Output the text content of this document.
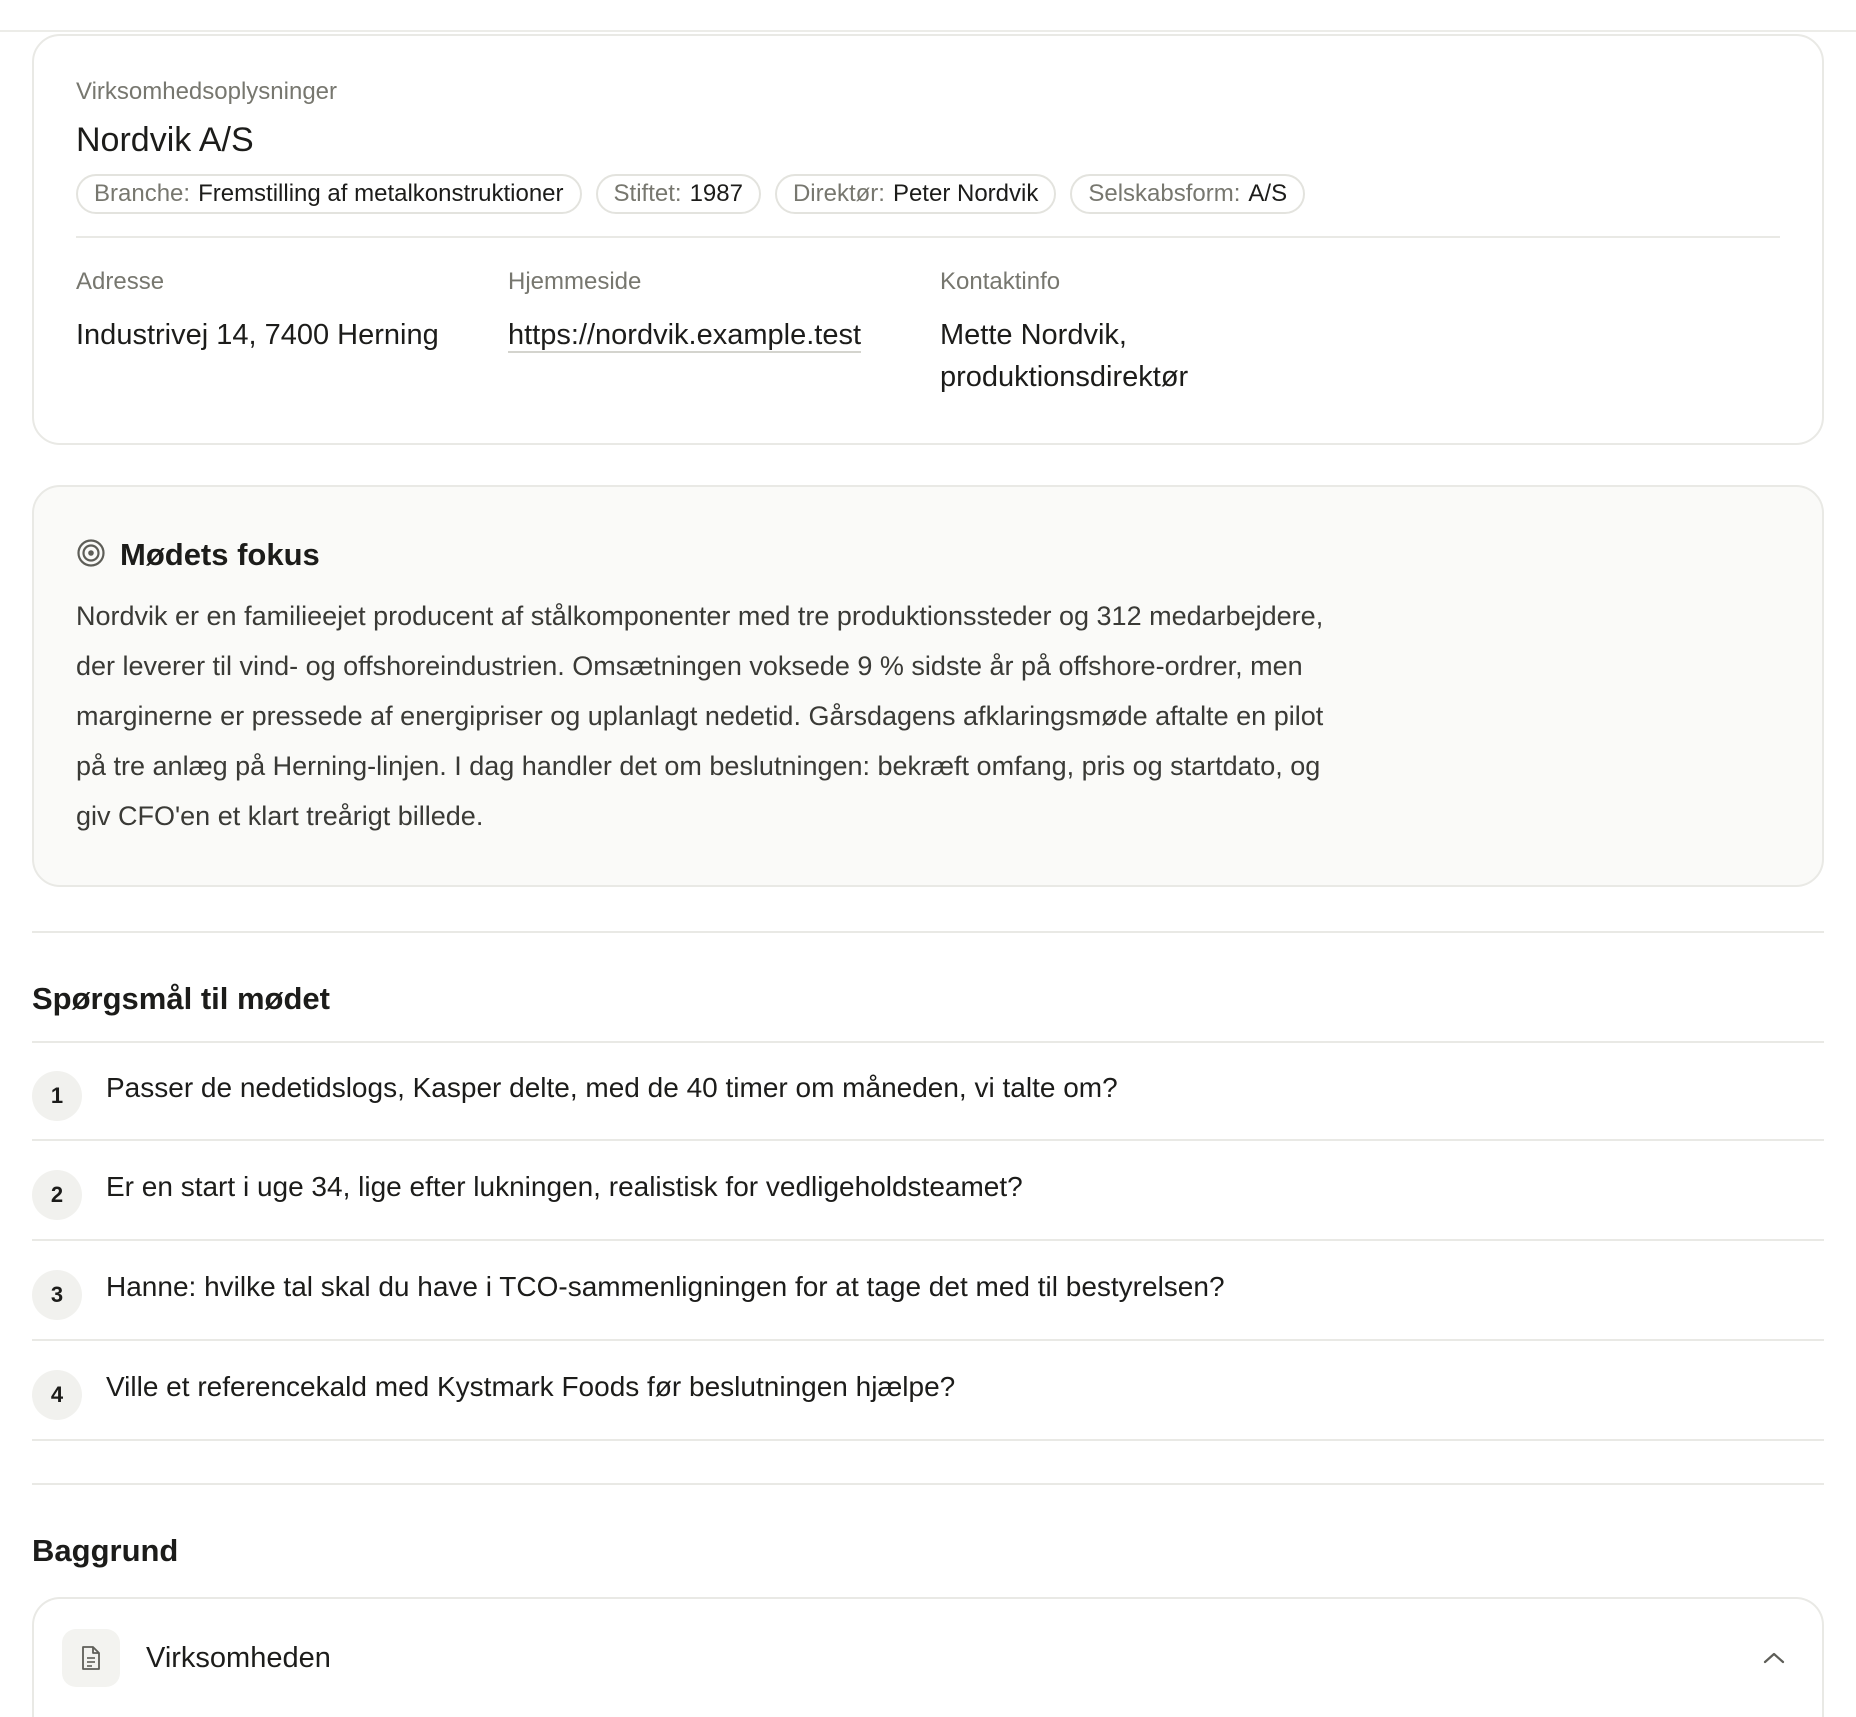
Virksomhedsoplysninger
Nordvik A/S
Branche: Fremstilling af metalkonstruktioner Stiftet: 1987 Direktør: Peter Nordvik Selskabsform: A/S
Adresse
Industrivej 14, 7400 Herning
Hjemmeside
https://nordvik.example.test
Kontaktinfo
Mette Nordvik, produktionsdirektør
Mødets fokus
Nordvik er en familieejet producent af stålkomponenter med tre produktionssteder og 312 medarbejdere, der leverer til vind- og offshoreindustrien. Omsætningen voksede 9 % sidste år på offshore-ordrer, men marginerne er pressede af energipriser og uplanlagt nedetid. Gårsdagens afklaringsmøde aftalte en pilot på tre anlæg på Herning-linjen. I dag handler det om beslutningen: bekræft omfang, pris og startdato, og giv CFO'en et klart treårigt billede.
Spørgsmål til mødet
1	Passer de nedetidslogs, Kasper delte, med de 40 timer om måneden, vi talte om?
2	Er en start i uge 34, lige efter lukningen, realistisk for vedligeholdsteamet?
3	Hanne: hvilke tal skal du have i TCO-sammenligningen for at tage det med til bestyrelsen?
4	Ville et referencekald med Kystmark Foods før beslutningen hjælpe?
Baggrund
Virksomheden
